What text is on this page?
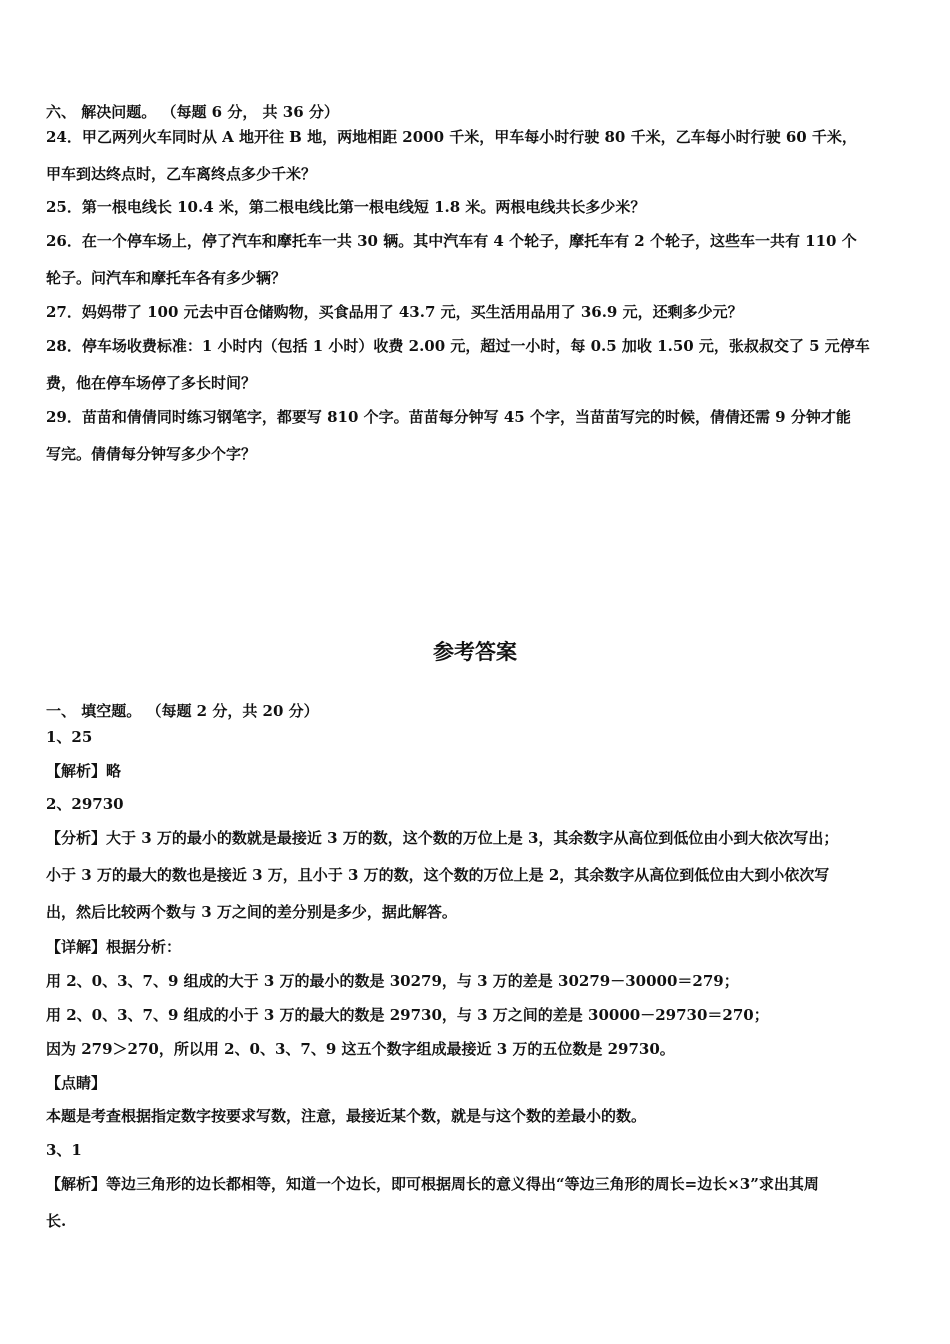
六、 解决问题。 （每题 6 分， 共 36 分）
24．甲乙两列火车同时从 A 地开往 B 地，两地相距 2000 千米，甲车每小时行驶 80 千米，乙车每小时行驶 60 千米，
甲车到达终点时，乙车离终点多少千米？
25．第一根电线长 10.4 米，第二根电线比第一根电线短 1.8 米。两根电线共长多少米？
26．在一个停车场上，停了汽车和摩托车一共 30 辆。其中汽车有 4 个轮子，摩托车有 2 个轮子，这些车一共有 110 个
轮子。问汽车和摩托车各有多少辆？
27．妈妈带了 100 元去中百仓储购物，买食品用了 43.7 元，买生活用品用了 36.9 元，还剩多少元？
28．停车场收费标准：1 小时内（包括 1 小时）收费 2.00 元，超过一小时，每 0.5 加收 1.50 元，张叔叔交了 5 元停车
费，他在停车场停了多长时间？
29．苗苗和倩倩同时练习钢笔字，都要写 810 个字。苗苗每分钟写 45 个字，当苗苗写完的时候，倩倩还需 9 分钟才能
写完。倩倩每分钟写多少个字？
参考答案
一、 填空题。 （每题 2 分，共 20 分）
1、25
【解析】略
2、29730
【分析】大于 3 万的最小的数就是最接近 3 万的数，这个数的万位上是 3，其余数字从高位到低位由小到大依次写出；
小于 3 万的最大的数也是接近 3 万，且小于 3 万的数，这个数的万位上是 2，其余数字从高位到低位由大到小依次写
出，然后比较两个数与 3 万之间的差分别是多少，据此解答。
【详解】根据分析：
用 2、0、3、7、9 组成的大于 3 万的最小的数是 30279，与 3 万的差是 30279－30000＝279；
用 2、0、3、7、9 组成的小于 3 万的最大的数是 29730，与 3 万之间的差是 30000－29730＝270；
因为 279＞270，所以用 2、0、3、7、9 这五个数字组成最接近 3 万的五位数是 29730。
【点睛】
本题是考查根据指定数字按要求写数，注意，最接近某个数，就是与这个数的差最小的数。
3、1
【解析】等边三角形的边长都相等，知道一个边长，即可根据周长的意义得出“等边三角形的周长=边长×3”求出其周
长.
